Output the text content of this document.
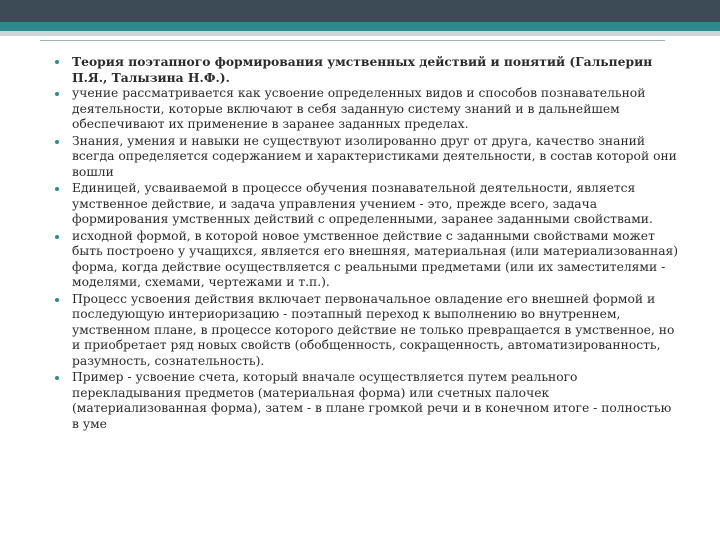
Теория поэтапного формирования умственных действий и понятий (Гальперин П.Я., Талызина Н.Ф.).
учение рассматривается как усвоение определенных видов и способов познавательной деятельности, которые включают в себя заданную систему знаний и в дальнейшем обеспечивают их применение в заранее заданных пределах.
Знания, умения и навыки не существуют изолированно друг от друга, качество знаний всегда определяется содержанием и характеристиками деятельности, в состав которой они вошли
Единицей, усваиваемой в процессе обучения познавательной деятельности, является умственное действие, и задача управления учением - это, прежде всего, задача формирования умственных действий с определенными, заранее заданными свойствами.
исходной формой, в которой новое умственное действие с заданными свойствами может быть построено у учащихся, является его внешняя, материальная (или материализованная) форма, когда действие осуществляется с реальными предметами (или их заместителями - моделями, схемами, чертежами и т.п.).
Процесс усвоения действия включает первоначальное овладение его внешней формой и последующую интериоризацию - поэтапный переход к выполнению во внутреннем, умственном плане, в процессе которого действие не только превращается в умственное, но и приобретает ряд новых свойств (обобщенность, сокращенность, автоматизированность, разумность, сознательность).
Пример - усвоение счета, который вначале осуществляется путем реального перекладывания предметов (материальная форма) или счетных палочек (материализованная форма), затем - в плане громкой речи и в конечном итоге - полностью в уме
